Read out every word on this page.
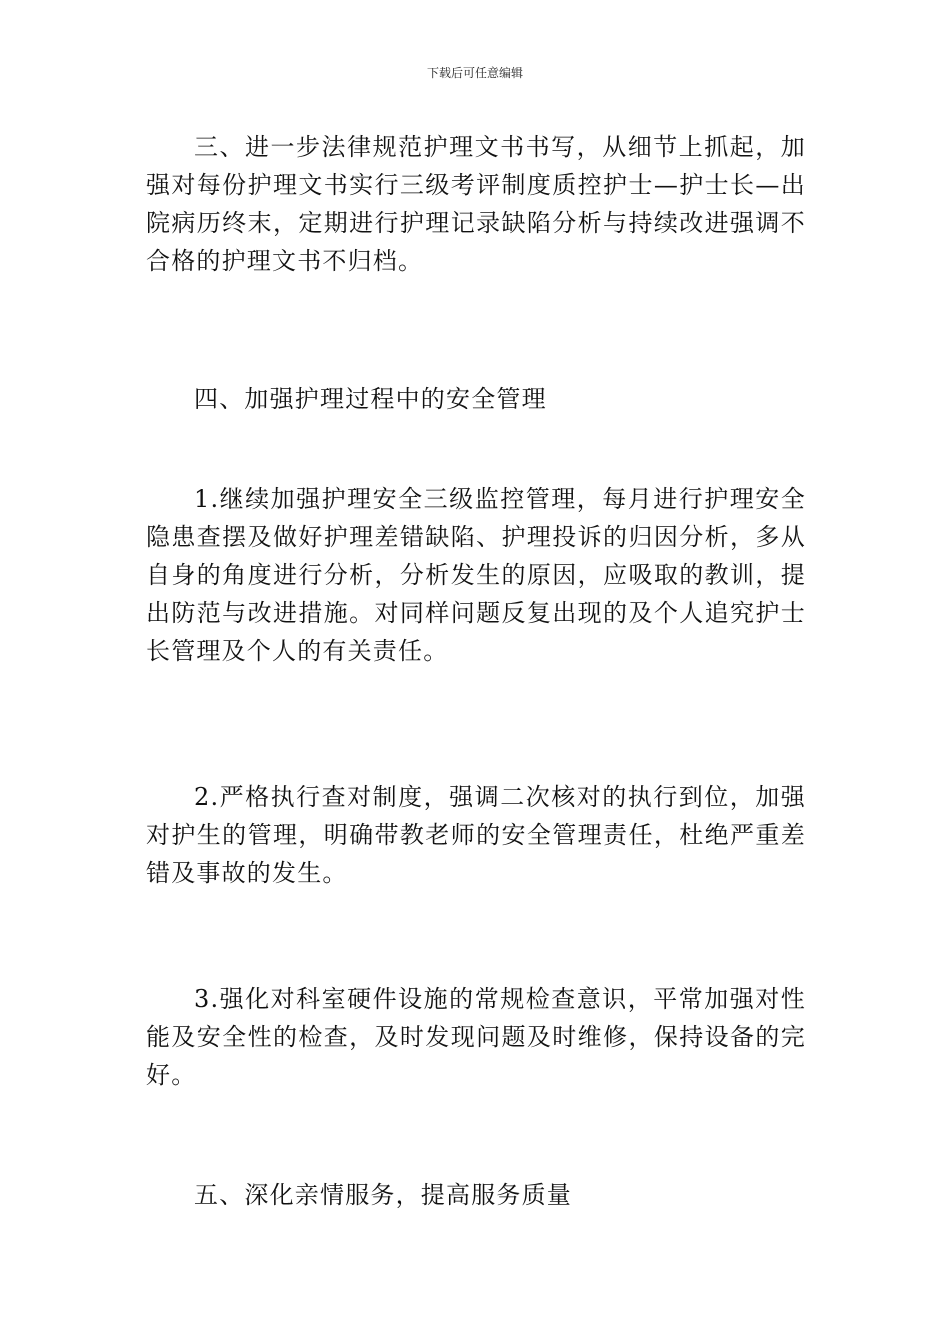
下载后可任意编辑

三、进一步法律规范护理文书书写，从细节上抓起，加强对每份护理文书实行三级考评制度质控护士—护士长—出院病历终末，定期进行护理记录缺陷分析与持续改进强调不合格的护理文书不归档。

四、加强护理过程中的安全管理

1.继续加强护理安全三级监控管理，每月进行护理安全隐患查摆及做好护理差错缺陷、护理投诉的归因分析，多从自身的角度进行分析，分析发生的原因，应吸取的教训，提出防范与改进措施。对同样问题反复出现的及个人追究护士长管理及个人的有关责任。

2.严格执行查对制度，强调二次核对的执行到位，加强对护生的管理，明确带教老师的安全管理责任，杜绝严重差错及事故的发生。

3.强化对科室硬件设施的常规检查意识，平常加强对性能及安全性的检查，及时发现问题及时维修，保持设备的完好。

五、深化亲情服务，提高服务质量
